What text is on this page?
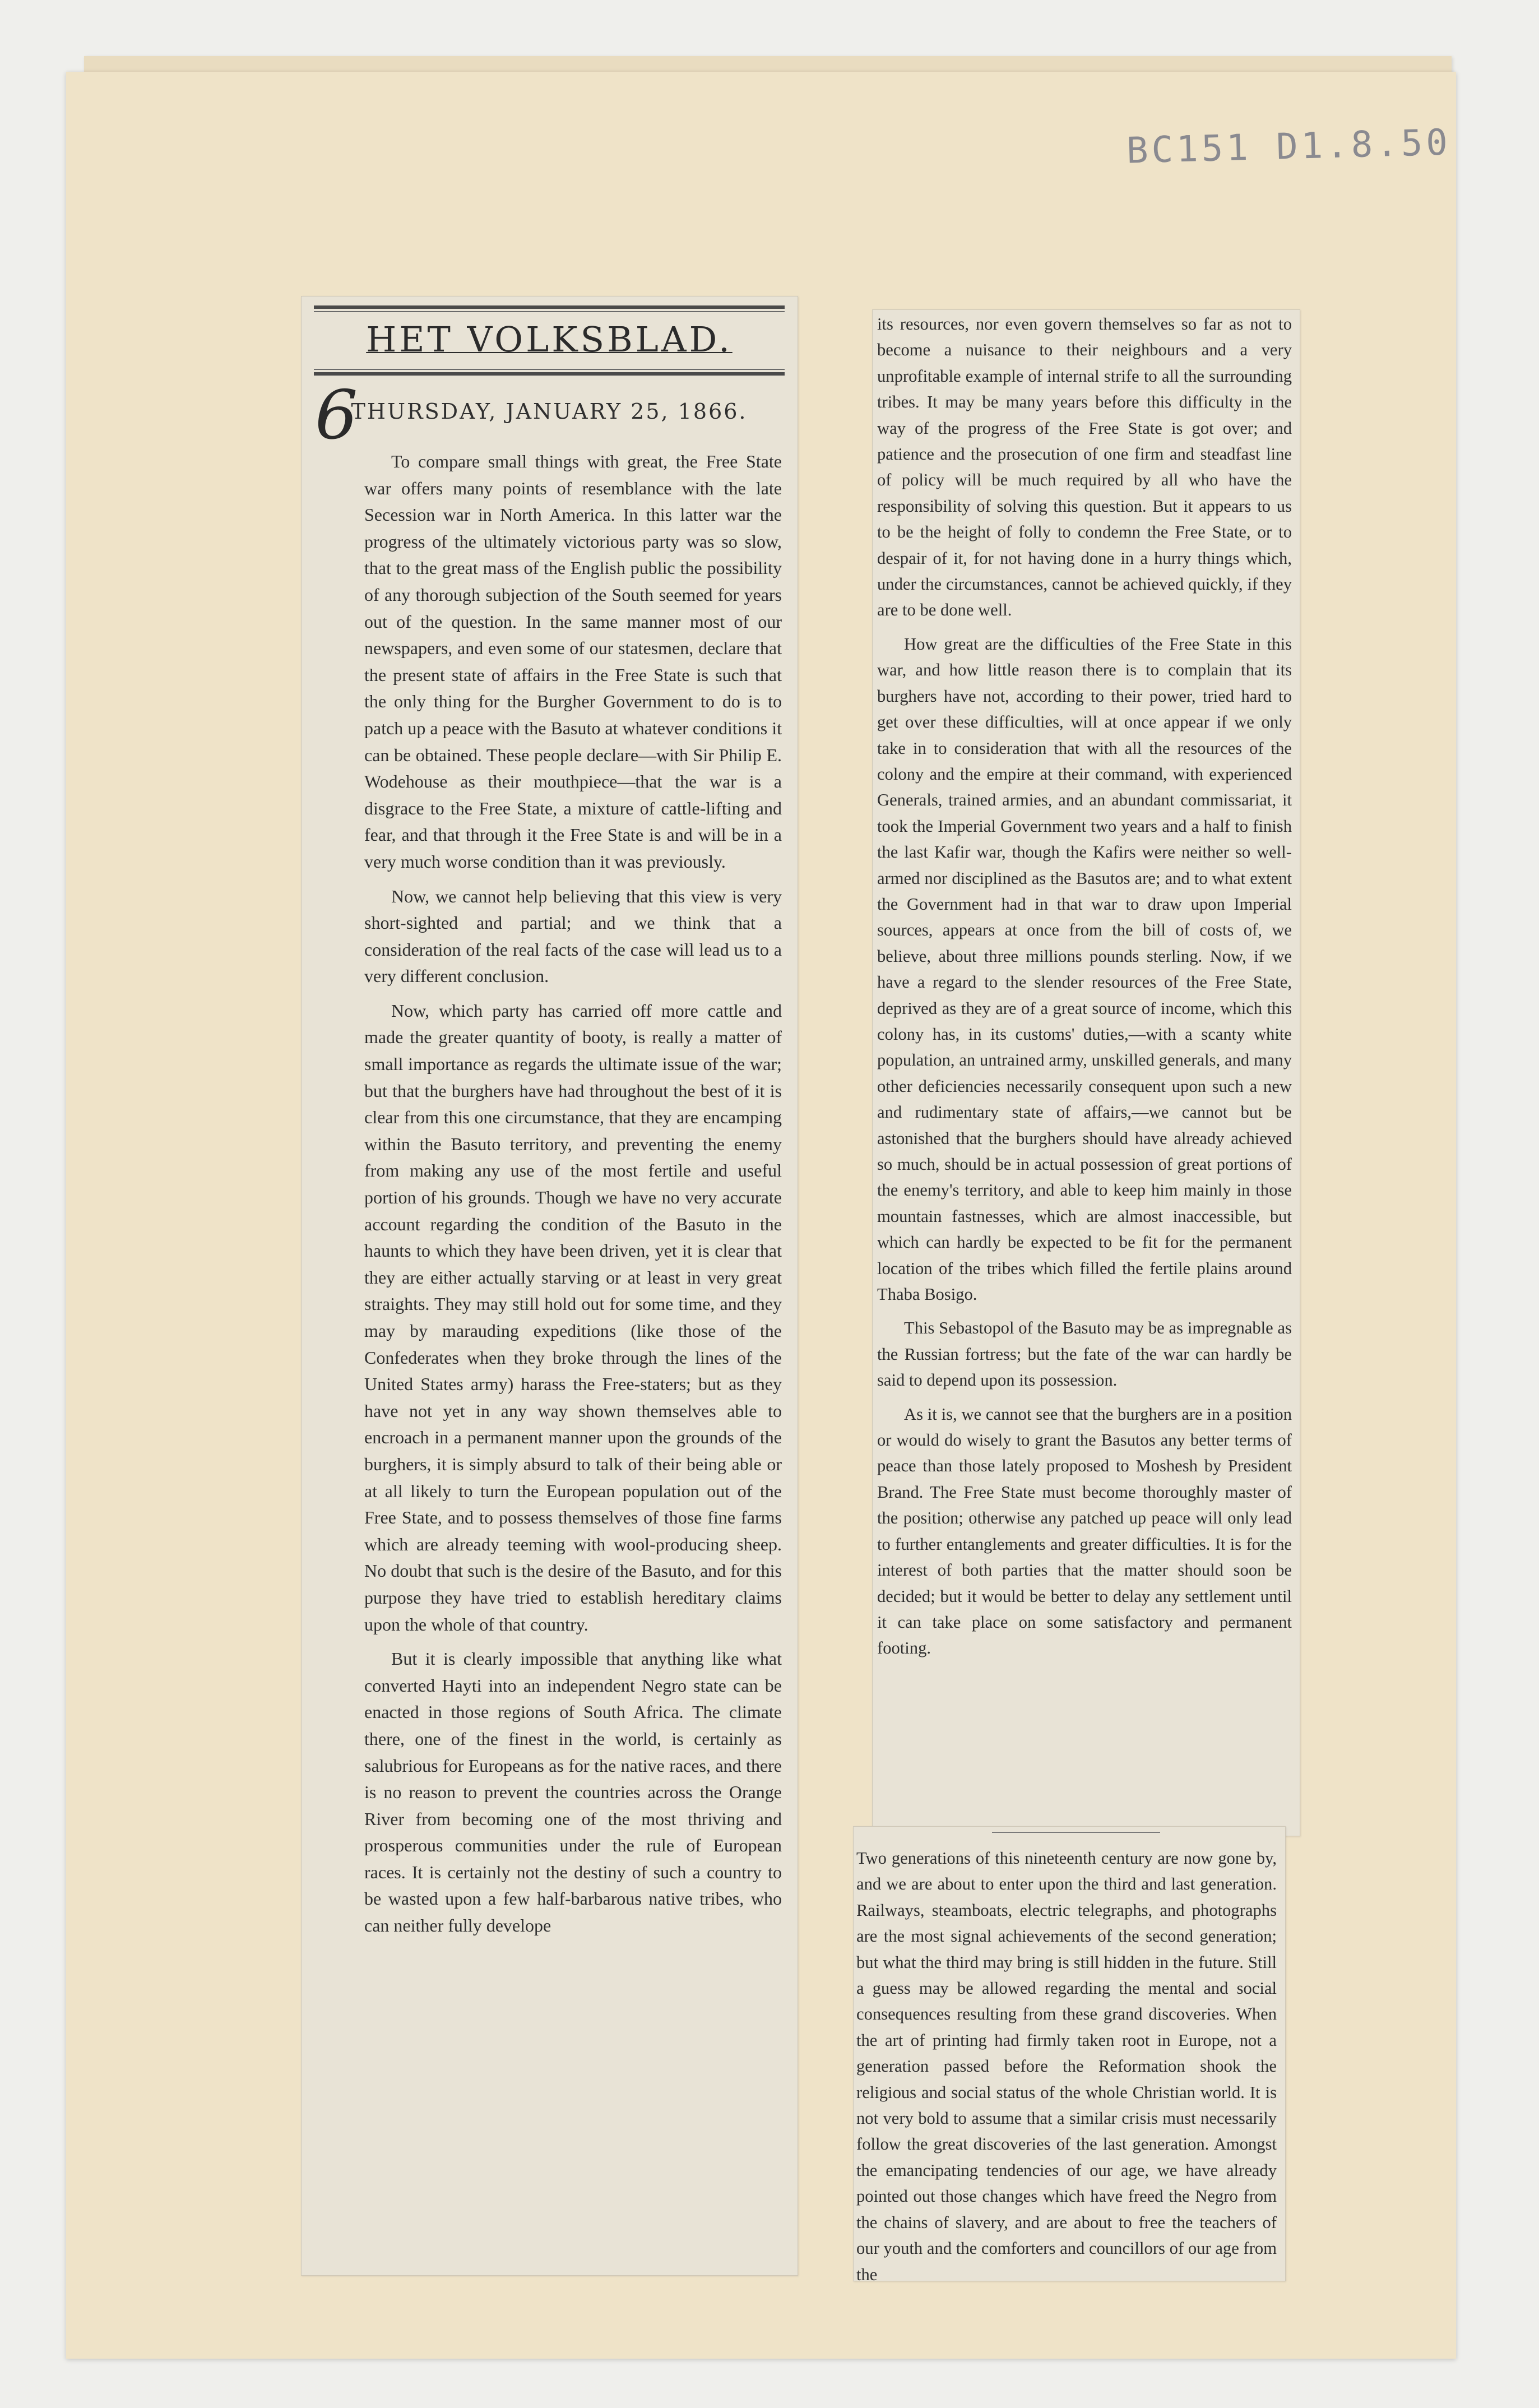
BC151 D1.8.50
HET VOLKSBLAD.
6
THURSDAY, JANUARY 25, 1866.

To compare small things with great, the Free State war offers many points of resemblance with the late Secession war in North America. In this latter war the progress of the ultimately victorious party was so slow, that to the great mass of the English public the possibility of any thorough subjection of the South seemed for years out of the question. In the same manner most of our newspapers, and even some of our statesmen, declare that the present state of affairs in the Free State is such that the only thing for the Burgher Government to do is to patch up a peace with the Basuto at whatever conditions it can be obtained. These people declare—with Sir Philip E. Wodehouse as their mouthpiece—that the war is a disgrace to the Free State, a mixture of cattle-lifting and fear, and that through it the Free State is and will be in a very much worse condition than it was previously.

Now, we cannot help believing that this view is very short-sighted and partial; and we think that a consideration of the real facts of the case will lead us to a very different conclusion.

Now, which party has carried off more cattle and made the greater quantity of booty, is really a matter of small importance as regards the ultimate issue of the war; but that the burghers have had throughout the best of it is clear from this one circumstance, that they are encamping within the Basuto territory, and preventing the enemy from making any use of the most fertile and useful portion of his grounds. Though we have no very accurate account regarding the condition of the Basuto in the haunts to which they have been driven, yet it is clear that they are either actually starving or at least in very great straights. They may still hold out for some time, and they may by marauding expeditions (like those of the Confederates when they broke through the lines of the United States army) harass the Free-staters; but as they have not yet in any way shown themselves able to encroach in a permanent manner upon the grounds of the burghers, it is simply absurd to talk of their being able or at all likely to turn the European population out of the Free State, and to possess themselves of those fine farms which are already teeming with wool-producing sheep. No doubt that such is the desire of the Basuto, and for this purpose they have tried to establish hereditary claims upon the whole of that country.

But it is clearly impossible that anything like what converted Hayti into an independent Negro state can be enacted in those regions of South Africa. The climate there, one of the finest in the world, is certainly as salubrious for Europeans as for the native races, and there is no reason to prevent the countries across the Orange River from becoming one of the most thriving and prosperous communities under the rule of European races. It is certainly not the destiny of such a country to be wasted upon a few half-barbarous native tribes, who can neither fully develope

its resources, nor even govern themselves so far as not to become a nuisance to their neighbours and a very unprofitable example of internal strife to all the surrounding tribes. It may be many years before this difficulty in the way of the progress of the Free State is got over; and patience and the prosecution of one firm and steadfast line of policy will be much required by all who have the responsibility of solving this question. But it appears to us to be the height of folly to condemn the Free State, or to despair of it, for not having done in a hurry things which, under the circumstances, cannot be achieved quickly, if they are to be done well.

How great are the difficulties of the Free State in this war, and how little reason there is to complain that its burghers have not, according to their power, tried hard to get over these difficulties, will at once appear if we only take in to consideration that with all the resources of the colony and the empire at their command, with experienced Generals, trained armies, and an abundant commissariat, it took the Imperial Government two years and a half to finish the last Kafir war, though the Kafirs were neither so well-armed nor disciplined as the Basutos are; and to what extent the Government had in that war to draw upon Imperial sources, appears at once from the bill of costs of, we believe, about three millions pounds sterling. Now, if we have a regard to the slender resources of the Free State, deprived as they are of a great source of income, which this colony has, in its customs' duties,—with a scanty white population, an untrained army, unskilled generals, and many other deficiencies necessarily consequent upon such a new and rudimentary state of affairs,—we cannot but be astonished that the burghers should have already achieved so much, should be in actual possession of great portions of the enemy's territory, and able to keep him mainly in those mountain fastnesses, which are almost inaccessible, but which can hardly be expected to be fit for the permanent location of the tribes which filled the fertile plains around Thaba Bosigo.

This Sebastopol of the Basuto may be as impregnable as the Russian fortress; but the fate of the war can hardly be said to depend upon its possession.

As it is, we cannot see that the burghers are in a position or would do wisely to grant the Basutos any better terms of peace than those lately proposed to Moshesh by President Brand. The Free State must become thoroughly master of the position; otherwise any patched up peace will only lead to further entanglements and greater difficulties. It is for the interest of both parties that the matter should soon be decided; but it would be better to delay any settlement until it can take place on some satisfactory and permanent footing.

Two generations of this nineteenth century are now gone by, and we are about to enter upon the third and last generation. Railways, steamboats, electric telegraphs, and photographs are the most signal achievements of the second generation; but what the third may bring is still hidden in the future. Still a guess may be allowed regarding the mental and social consequences resulting from these grand discoveries. When the art of printing had firmly taken root in Europe, not a generation passed before the Reformation shook the religious and social status of the whole Christian world. It is not very bold to assume that a similar crisis must necessarily follow the great discoveries of the last generation. Amongst the emancipating tendencies of our age, we have already pointed out those changes which have freed the Negro from the chains of slavery, and are about to free the teachers of our youth and the comforters and councillors of our age from the
